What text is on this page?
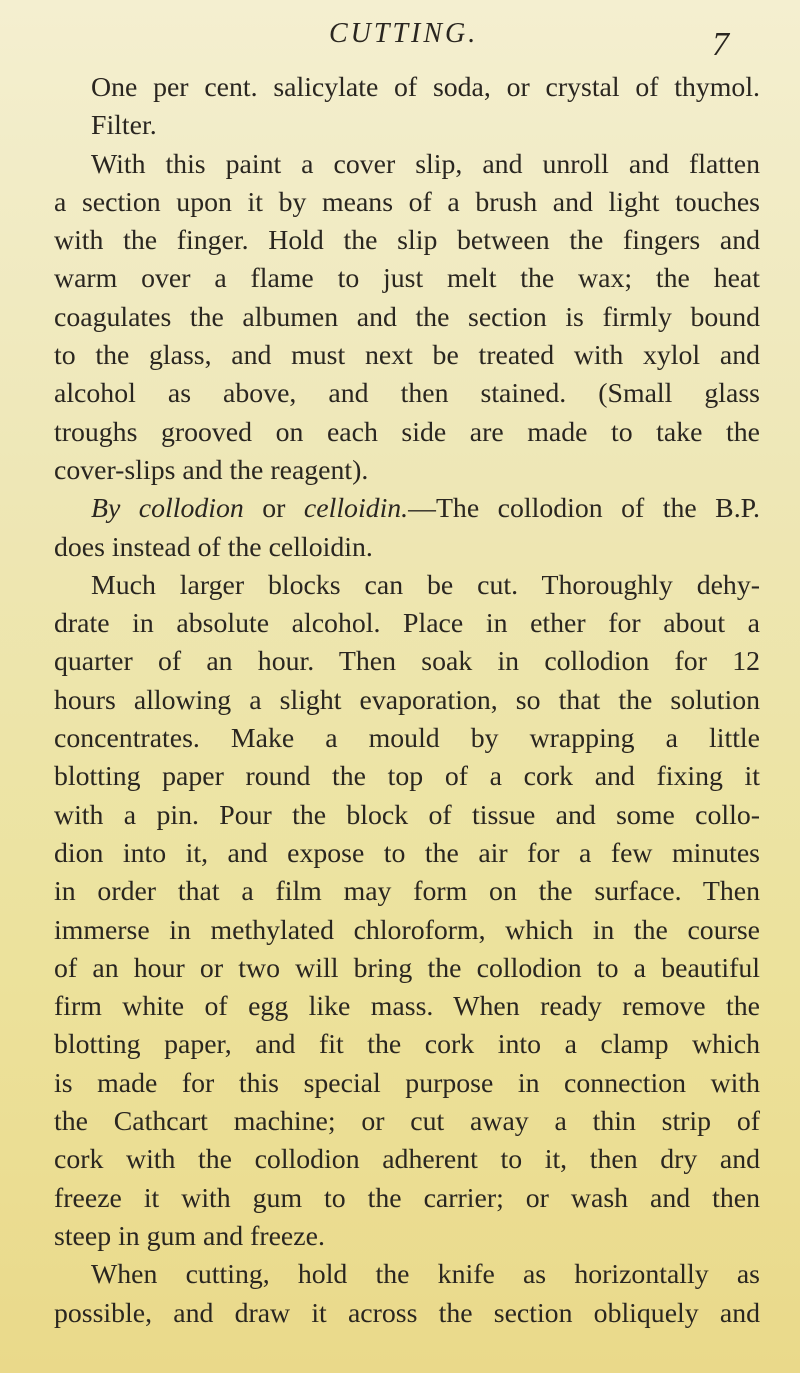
CUTTING.	7
One per cent. salicylate of soda, or crystal of thymol.
Filter.
With this paint a cover slip, and unroll and flatten
a section upon it by means of a brush and light touches
with the finger. Hold the slip between the fingers and
warm over a flame to just melt the wax; the heat
coagulates the albumen and the section is firmly bound
to the glass, and must next be treated with xylol and
alcohol as above, and then stained. (Small glass
troughs grooved on each side are made to take the
cover-slips and the reagent).
By collodion or celloidin.—The collodion of the B.P.
does instead of the celloidin.
Much larger blocks can be cut. Thoroughly dehy-
drate in absolute alcohol. Place in ether for about a
quarter of an hour. Then soak in collodion for 12
hours allowing a slight evaporation, so that the solution
concentrates. Make a mould by wrapping a little
blotting paper round the top of a cork and fixing it
with a pin. Pour the block of tissue and some collo-
dion into it, and expose to the air for a few minutes
in order that a film may form on the surface. Then
immerse in methylated chloroform, which in the course
of an hour or two will bring the collodion to a beautiful
firm white of egg like mass. When ready remove the
blotting paper, and fit the cork into a clamp which
is made for this special purpose in connection with
the Cathcart machine; or cut away a thin strip of
cork with the collodion adherent to it, then dry and
freeze it with gum to the carrier; or wash and then
steep in gum and freeze.
When cutting, hold the knife as horizontally as
possible, and draw it across the section obliquely and
